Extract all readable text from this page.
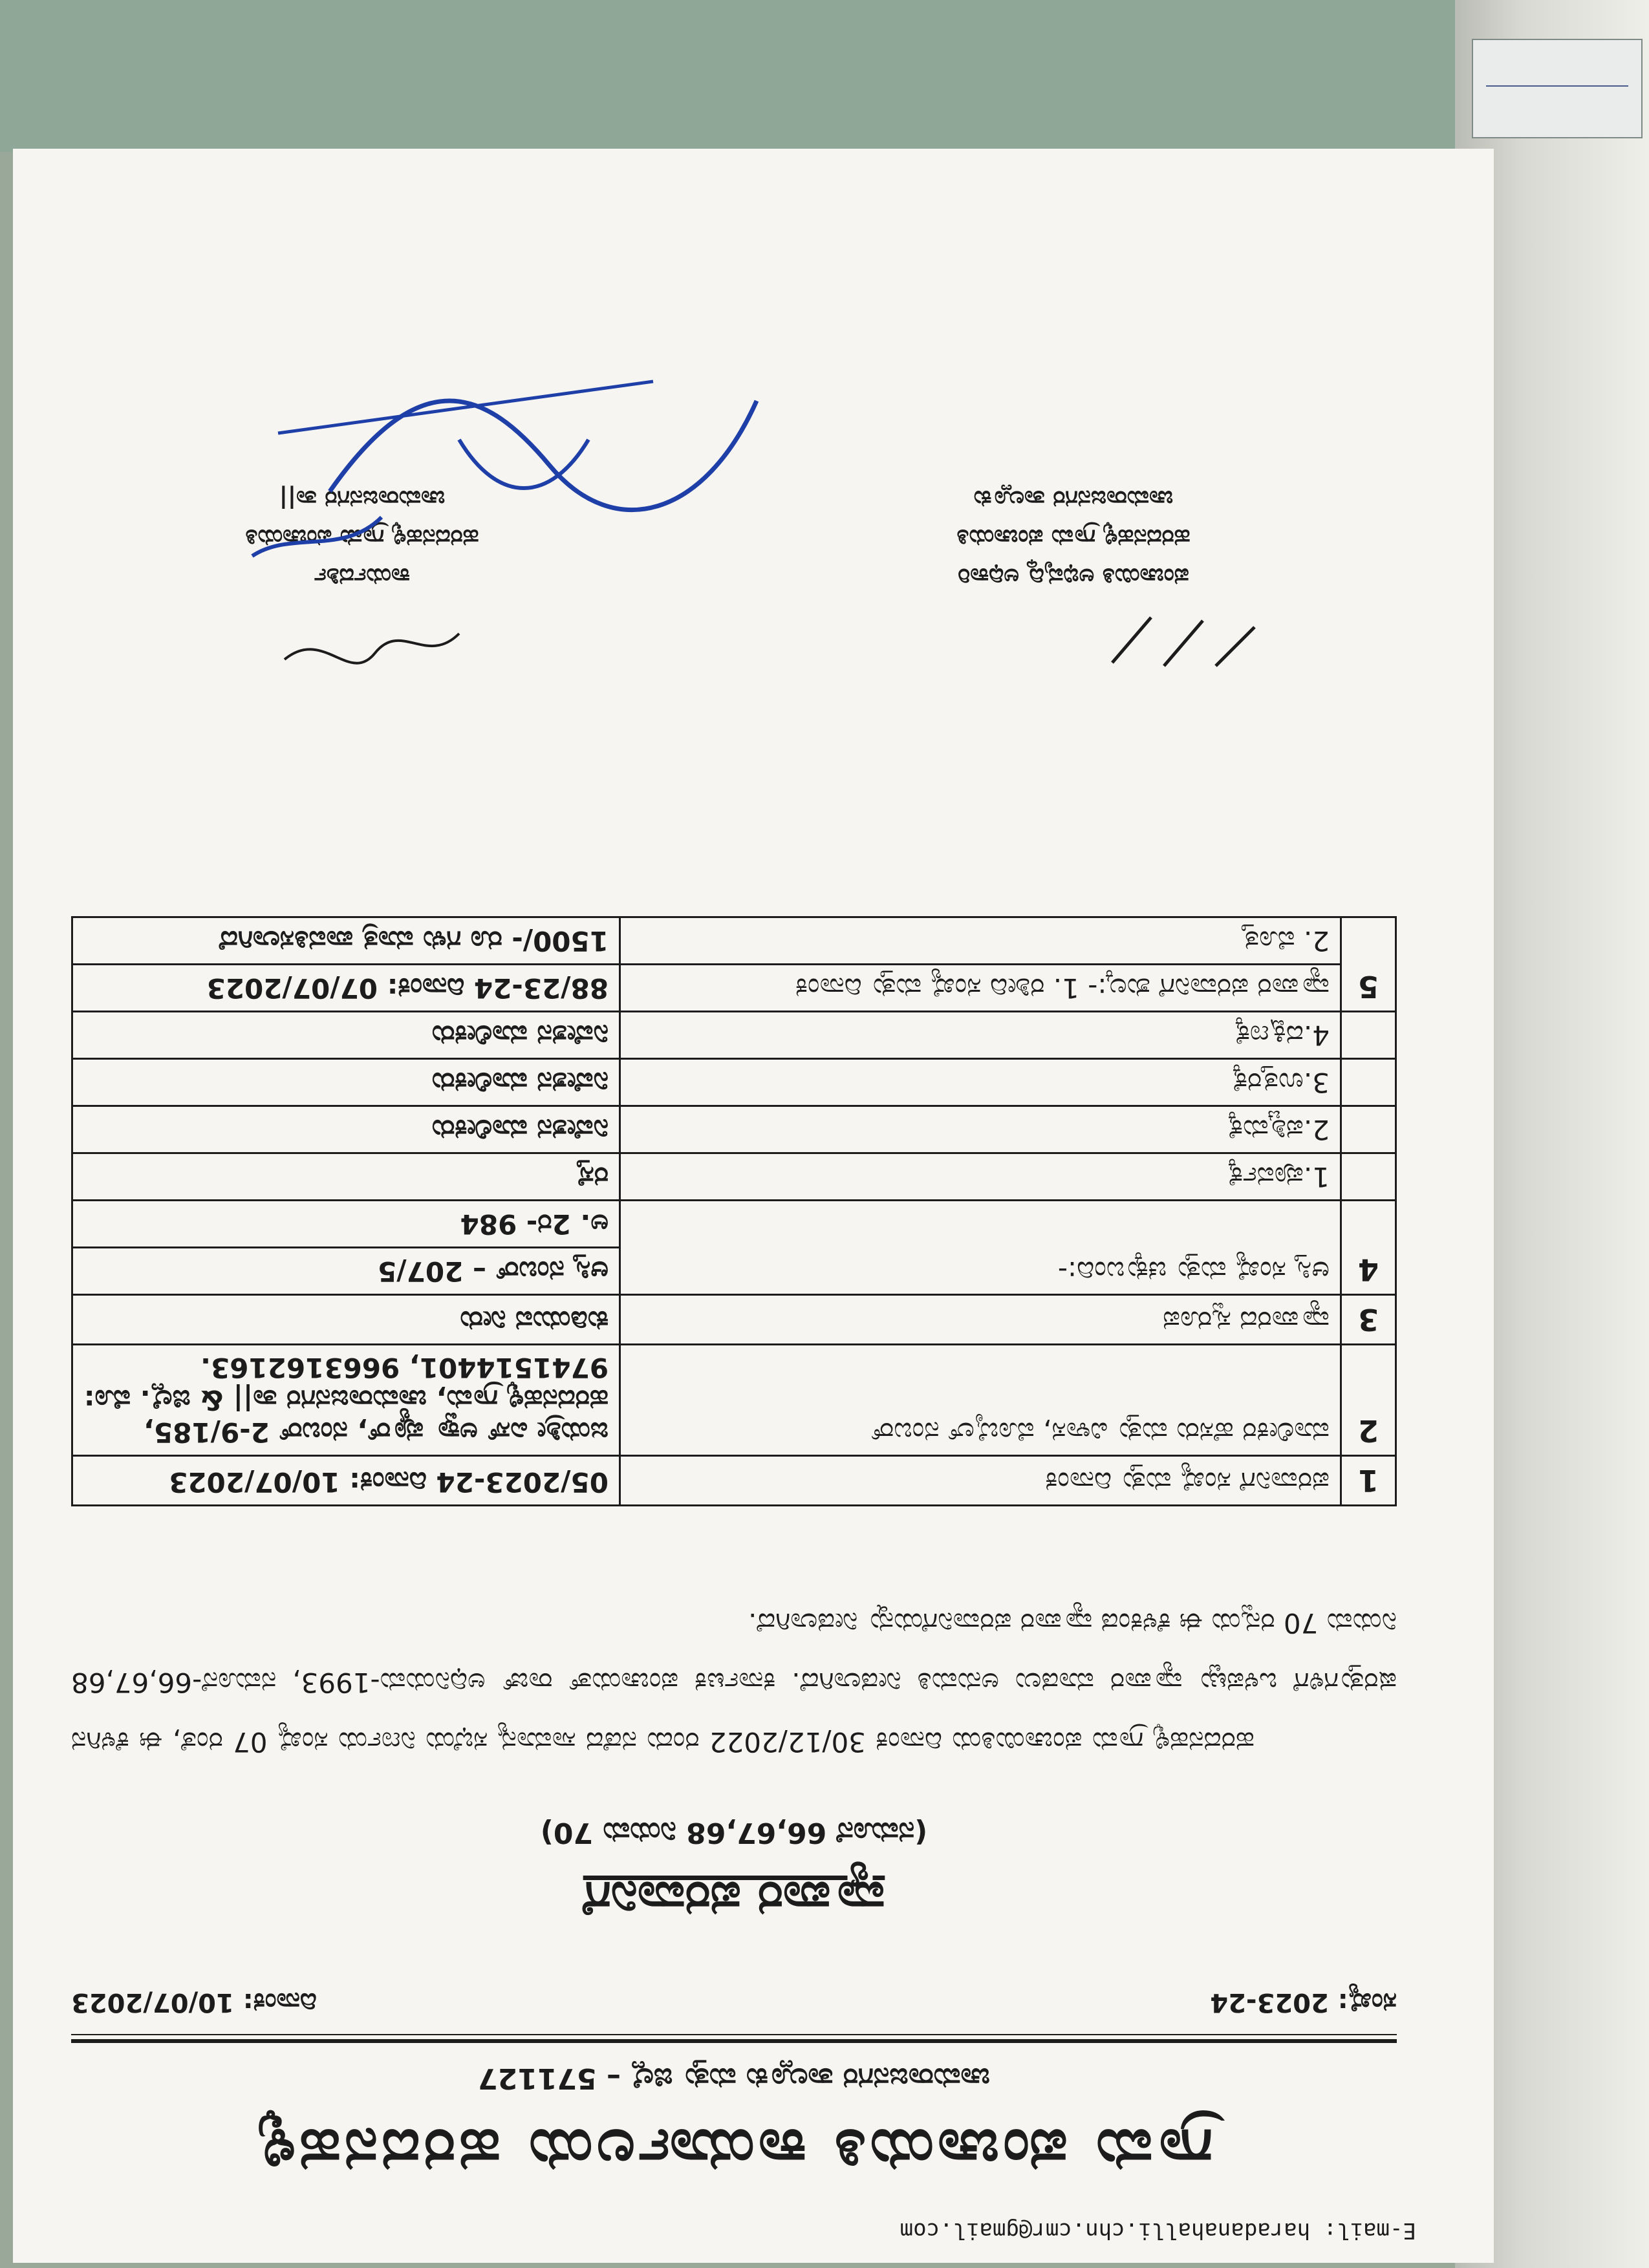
E-mail: haradanahalli.chn.cmr@gmail.com
ಗ್ರಾಮ ಪಂಚಾಯತಿ ಕಾರ್ಯಾಲಯ ಹರದನಹಳ್ಳಿ
ಚಾಮರಾಜನಗರ ತಾಲ್ಲೂಕು ಮತ್ತು ಜಿಲ್ಲೆ – 571127
ಸಂಖ್ಯೆ: 2023-24
ದಿನಾಂಕ: 10/07/2023
ವ್ಯಾಪಾರ ಪರವಾನಿಗೆ
(ನಮೂನೆ 66,67,68 ನಿಯಮ 70)
ಹರದನಹಳ್ಳಿ ಗ್ರಾಮ ಪಂಚಾಯಿತಿಯ ದಿನಾಂಕ 30/12/2022 ರಂದು ನಡೆದ ಸಾಮಾನ್ಯ ಸಭೆಯ ನಿರ್ಣಯ ಸಂಖ್ಯೆ 07 ರಂತೆ, ಈ ಕೆಳಗಿನ ಷರತ್ತುಗಳಿಗೆ ಒಳಪಟ್ಟು ವ್ಯಾಪಾರ ಮಾಡಲು ಅನುಮತಿ ನೀಡಲಾಗಿದೆ. ಕರ್ನಾಟಕ ಪಂಚಾಯತ್ ರಾಜ್ ಅಧಿನಿಯಮ-1993, ನಮೂನೆ-66,67,68 ನಿಯಮ 70 ರನ್ವಯ ಈ ಕೆಳಕಂಡ ವ್ಯಾಪಾರ ಪರವಾನಿಗೆಯನ್ನು ನೀಡಲಾಗಿದೆ.
1	ಪರವಾನಿಗೆ ಸಂಖ್ಯೆ ಮತ್ತು ದಿನಾಂಕ	05/2023-24 ದಿನಾಂಕ: 10/07/2023
2	ಮಾಲೀಕರ ಹೆಸರು ಮತ್ತು ವಿಳಾಸ, ಮೊಬೈಲ್ ನಂಬರ್	ಜಯಶ್ರೀ ಎಸ್ ಅಕ್ವಾ ಪ್ಯೂರ್, ನಂಬರ್ 2-9/185, ಹರದನಹಳ್ಳಿ ಗ್ರಾಮ, ಚಾಮರಾಜನಗರ ತಾ|| & ಜಿಲ್ಲೆ. ಮೊ: 9741514401, 9663162163.
3	ವ್ಯಾಪಾರದ ಸ್ವರೂಪ	ಕುಡಿಯುವ ನೀರು
4	ಆಸ್ತಿ ಸಂಖ್ಯೆ ಮತ್ತು ಚಕ್ಕುಬಂದಿ:-	ಆಸ್ತಿ ನಂಬರ್ – 207/5
		ಅ. 2ರ- 984
	1.ಪೂರ್ವಕ್ಕೆ	ರಸ್ತೆ
	2.ಪಶ್ಚಿಮಕ್ಕೆ	ನಿವೇಶನ ಮಾಲೀಕರು
	3.ಉತ್ತರಕ್ಕೆ	ನಿವೇಶನ ಮಾಲೀಕರು
	4.ದಕ್ಷಿಣಕ್ಕೆ	ನಿವೇಶನ ಮಾಲೀಕರು
5	ವ್ಯಾಪಾರ ಪರವಾನಿಗೆ ಶುಲ್ಕ:- 1. ರಶೀದಿ ಸಂಖ್ಯೆ ಮತ್ತು ದಿನಾಂಕ	88/23-24 ದಿನಾಂಕ: 07/07/2023
	2. ಮೊತ್ತ	1500/- ರೂ ಗಳು ಮಾತ್ರ ಪಾವತಿಸಲಾಗಿದೆ
ಪಂಚಾಯಿತಿ ಅಭಿವೃದ್ಧಿ ಅಧಿಕಾರಿ
ಹರದನಹಳ್ಳಿ ಗ್ರಾಮ ಪಂಚಾಯತಿ
ಚಾಮರಾಜನಗರ ತಾಲ್ಲೂಕು
ಕಾರ್ಯದರ್ಶಿ
ಹರದನಹಳ್ಳಿ ಗ್ರಾಮ ಪಂಚಾಯತಿ
ಚಾಮರಾಜನಗರ ತಾ||
